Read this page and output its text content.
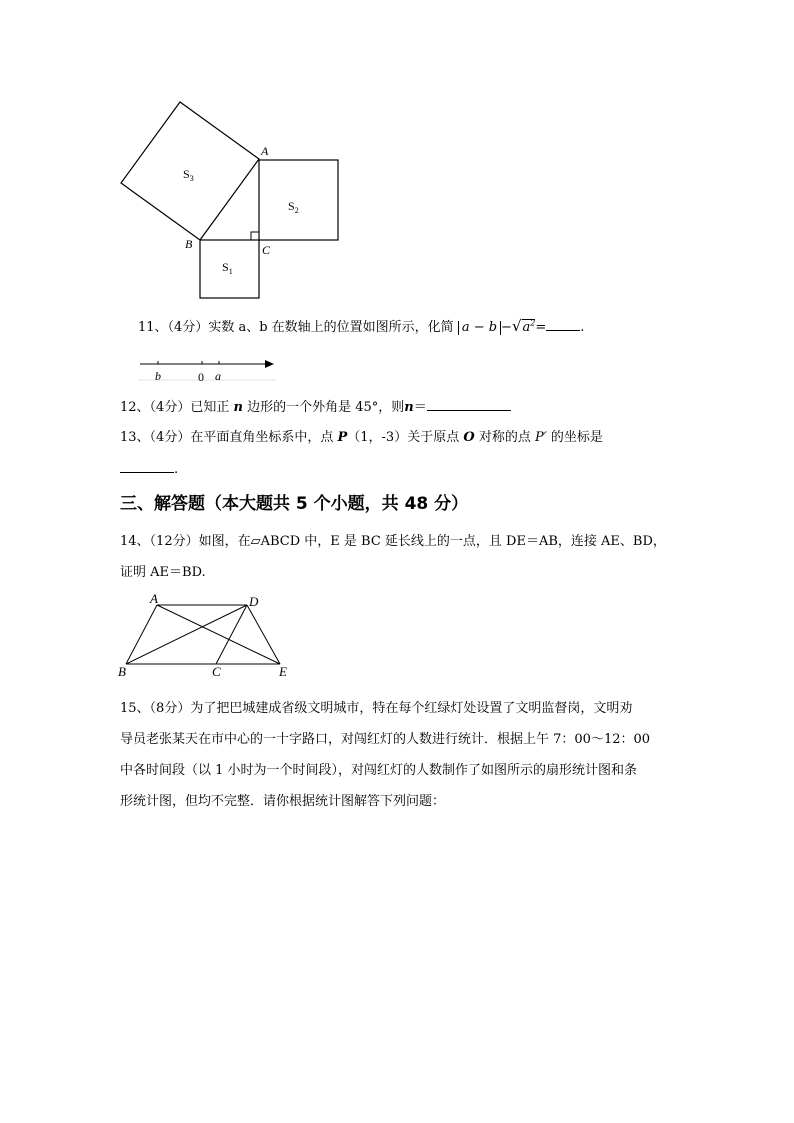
A
B	C
$S_3$
$S_2$
$S_1$
11、（4分）实数 a、b 在数轴上的位置如图所示，化简 $a - b -√a^2=$	.
b	0 a
12、（4分）已知正 n 边形的一个外角是 45°，则n＝
13、（4分）在平面直角坐标系中，点 P（1，-3）关于原点 O 对称的点 P′ 的坐标是
.
三、解答题（本大题共 5 个小题，共 48 分）
14、（12分）如图，在▱ABCD 中，E 是 BC 延长线上的一点，且 DE＝AB，连接 AE、BD，
证明 AE＝BD.
A	D
B	C	E
15、（8分）为了把巴城建成省级文明城市，特在每个红绿灯处设置了文明监督岗，文明劝
导员老张某天在市中心的一十字路口，对闯红灯的人数进行统计．根据上午 7：00～12：00
中各时间段（以 1 小时为一个时间段），对闯红灯的人数制作了如图所示的扇形统计图和条
形统计图，但均不完整．请你根据统计图解答下列问题：
